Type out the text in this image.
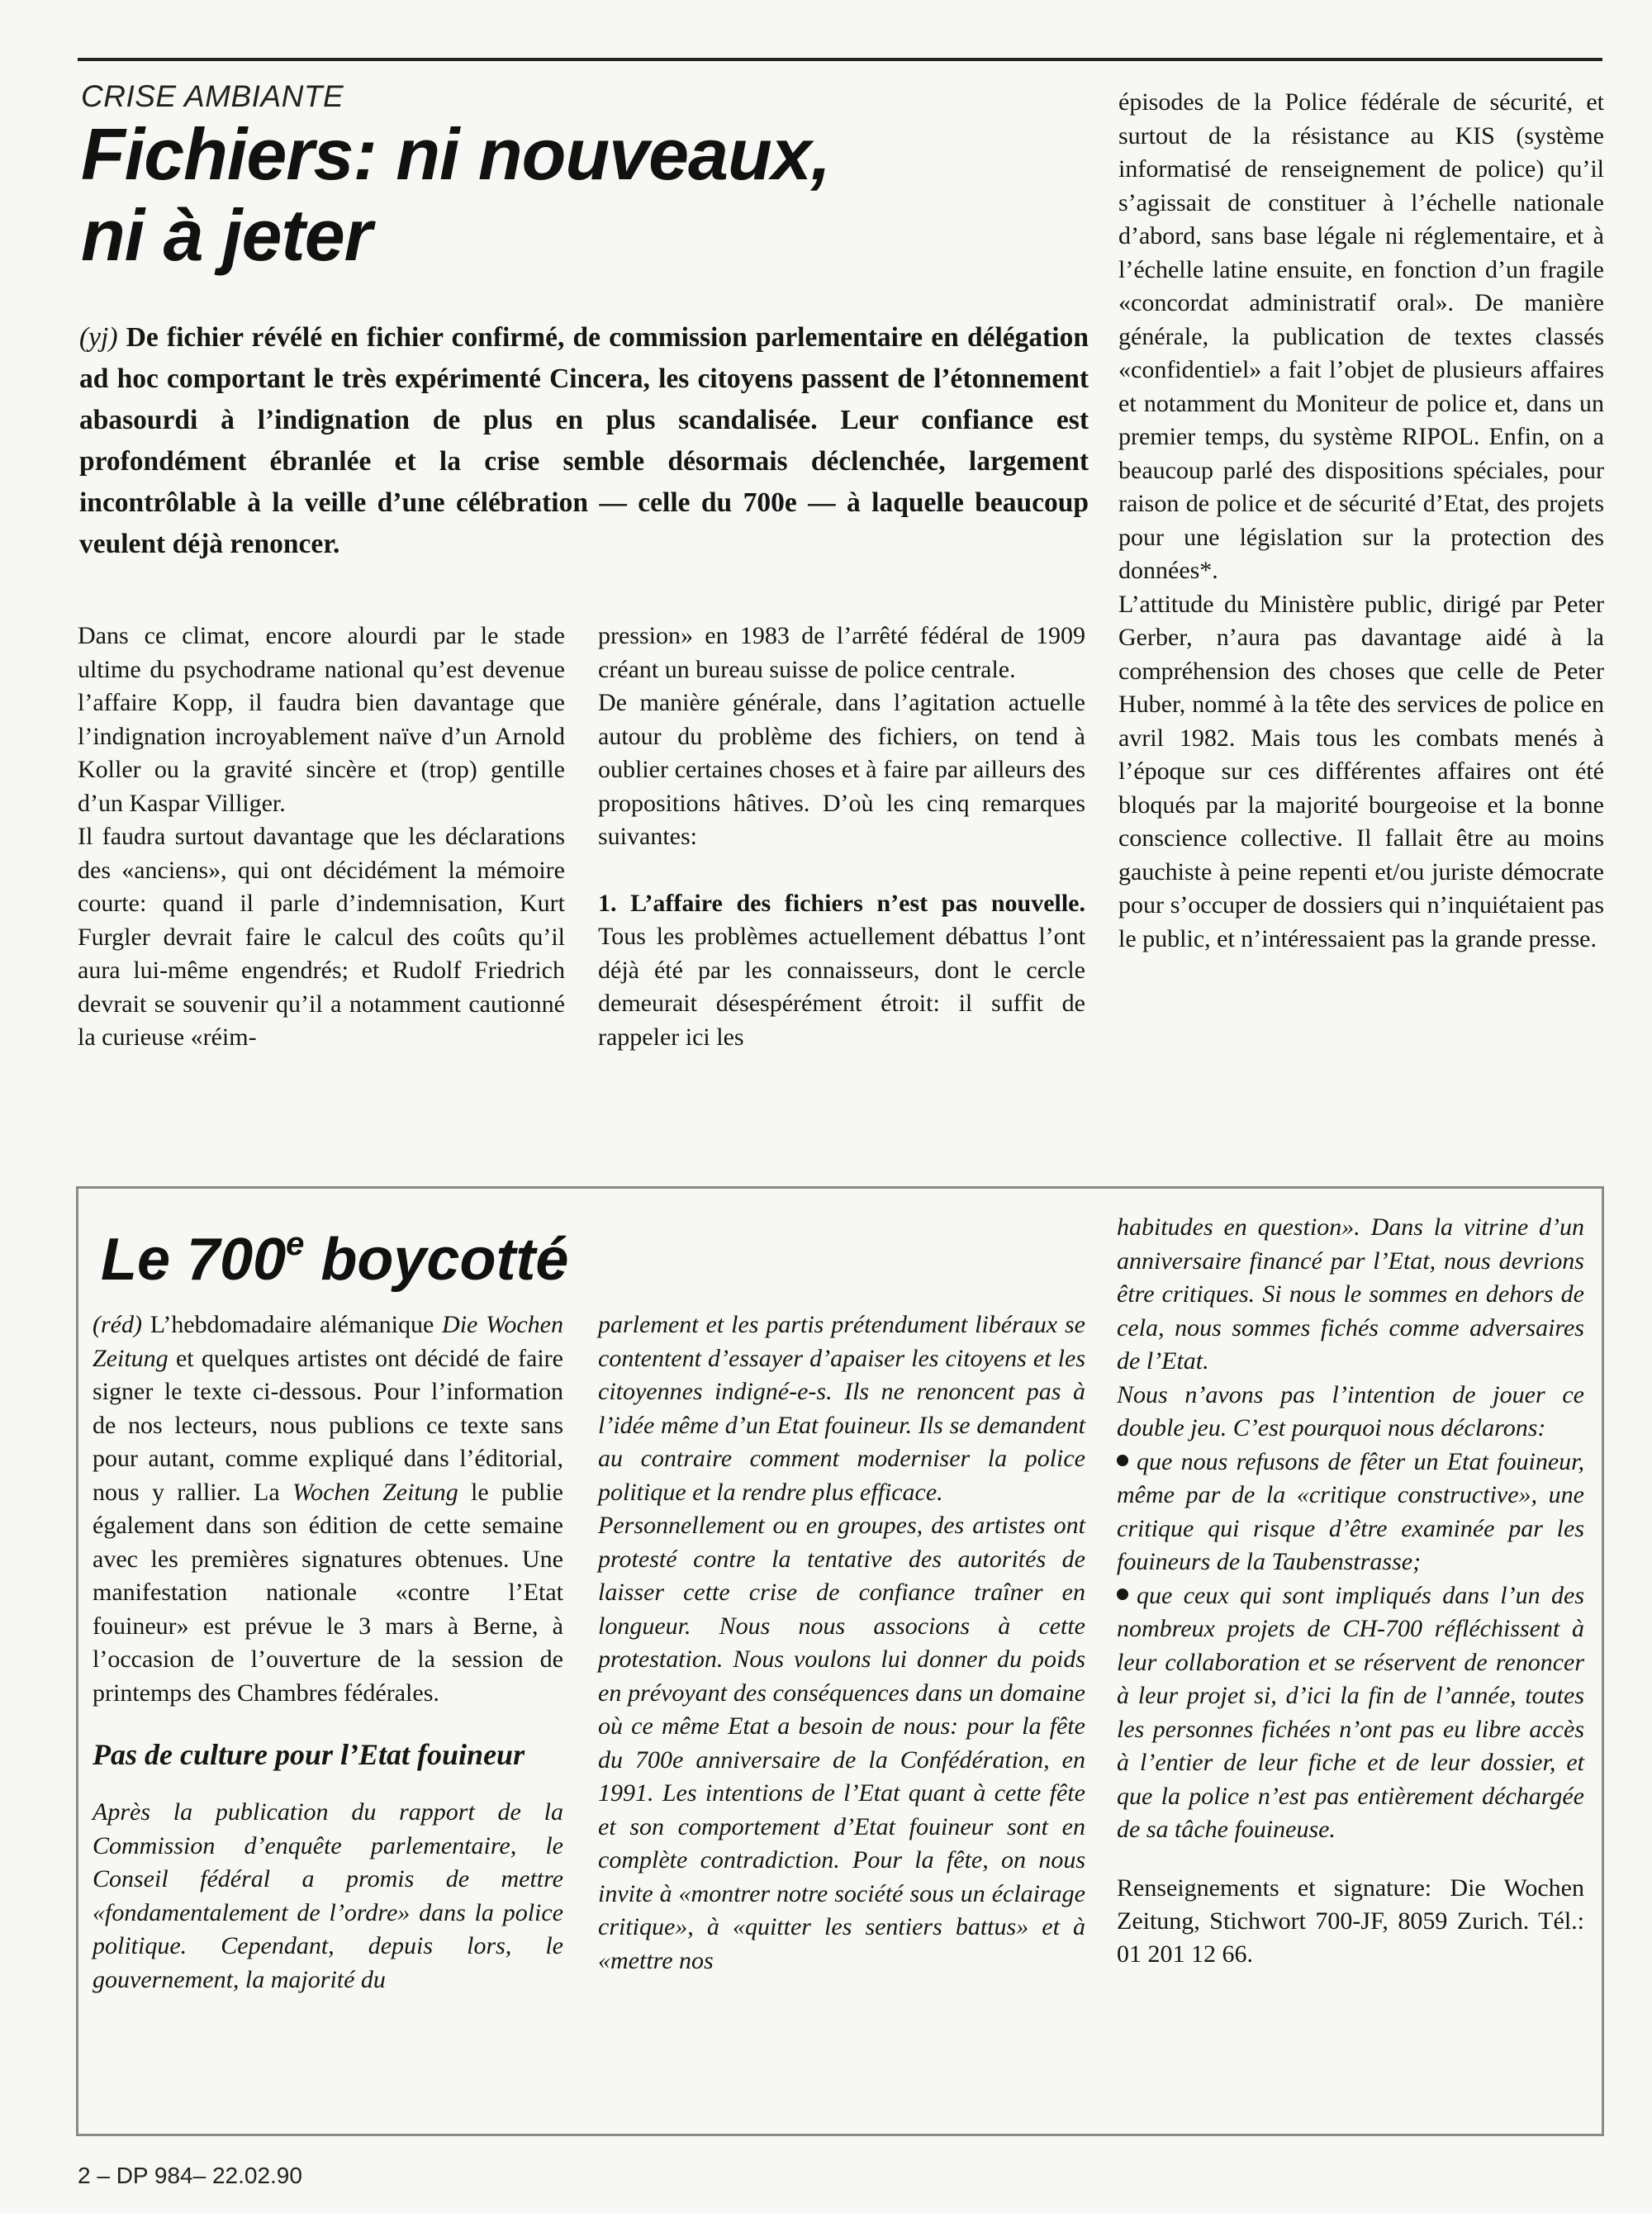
CRISE AMBIANTE
Fichiers: ni nouveaux,
ni à jeter
(yj) De fichier révélé en fichier confirmé, de commission parlementaire en délégation ad hoc comportant le très expérimenté Cincera, les citoyens passent de l’étonnement abasourdi à l’indignation de plus en plus scandalisée. Leur confiance est profondément ébranlée et la crise semble désormais déclenchée, largement incontrôlable à la veille d’une célébration — celle du 700e — à laquelle beaucoup veulent déjà renoncer.

Dans ce climat, encore alourdi par le stade ultime du psychodrame national qu’est devenue l’affaire Kopp, il faudra bien davantage que l’indignation incroyablement naïve d’un Arnold Koller ou la gravité sincère et (trop) gentille d’un Kaspar Villiger.

Il faudra surtout davantage que les déclarations des «anciens», qui ont décidément la mémoire courte: quand il parle d’indemnisation, Kurt Furgler devrait faire le calcul des coûts qu’il aura lui-même engendrés; et Rudolf Friedrich devrait se souvenir qu’il a notamment cautionné la curieuse «réim-

pression» en 1983 de l’arrêté fédéral de 1909 créant un bureau suisse de police centrale.

De manière générale, dans l’agitation actuelle autour du problème des fichiers, on tend à oublier certaines choses et à faire par ailleurs des propositions hâtives. D’où les cinq remarques suivantes:

1. L’affaire des fichiers n’est pas nouvelle. Tous les problèmes actuellement débattus l’ont déjà été par les connaisseurs, dont le cercle demeurait désespérément étroit: il suffit de rappeler ici les

épisodes de la Police fédérale de sécurité, et surtout de la résistance au KIS (système informatisé de renseignement de police) qu’il s’agissait de constituer à l’échelle nationale d’abord, sans base légale ni réglementaire, et à l’échelle latine ensuite, en fonction d’un fragile «concordat administratif oral». De manière générale, la publication de textes classés «confidentiel» a fait l’objet de plusieurs affaires et notamment du Moniteur de police et, dans un premier temps, du système RIPOL. Enfin, on a beaucoup parlé des dispositions spéciales, pour raison de police et de sécurité d’Etat, des projets pour une législation sur la protection des données*.

L’attitude du Ministère public, dirigé par Peter Gerber, n’aura pas davantage aidé à la compréhension des choses que celle de Peter Huber, nommé à la tête des services de police en avril 1982. Mais tous les combats menés à l’époque sur ces différentes affaires ont été bloqués par la majorité bourgeoise et la bonne conscience collective. Il fallait être au moins gauchiste à peine repenti et/ou juriste démocrate pour s’occuper de dossiers qui n’inquiétaient pas le public, et n’intéressaient pas la grande presse.

Le 700e boycotté

(réd) L’hebdomadaire alémanique Die Wochen Zeitung et quelques artistes ont décidé de faire signer le texte ci-dessous. Pour l’information de nos lecteurs, nous publions ce texte sans pour autant, comme expliqué dans l’éditorial, nous y rallier. La Wochen Zeitung le publie également dans son édition de cette semaine avec les premières signatures obtenues. Une manifestation nationale «contre l’Etat fouineur» est prévue le 3 mars à Berne, à l’occasion de l’ouverture de la session de printemps des Chambres fédérales.

Pas de culture pour l’Etat fouineur

Après la publication du rapport de la Commission d’enquête parlementaire, le Conseil fédéral a promis de mettre «fondamentalement de l’ordre» dans la police politique. Cependant, depuis lors, le gouvernement, la majorité du

parlement et les partis prétendument libéraux se contentent d’essayer d’apaiser les citoyens et les citoyennes indigné-e-s. Ils ne renoncent pas à l’idée même d’un Etat fouineur. Ils se demandent au contraire comment moderniser la police politique et la rendre plus efficace.

Personnellement ou en groupes, des artistes ont protesté contre la tentative des autorités de laisser cette crise de confiance traîner en longueur. Nous nous associons à cette protestation. Nous voulons lui donner du poids en prévoyant des conséquences dans un domaine où ce même Etat a besoin de nous: pour la fête du 700e anniversaire de la Confédération, en 1991. Les intentions de l’Etat quant à cette fête et son comportement d’Etat fouineur sont en complète contradiction. Pour la fête, on nous invite à «montrer notre société sous un éclairage critique», à «quitter les sentiers battus» et à «mettre nos

habitudes en question». Dans la vitrine d’un anniversaire financé par l’Etat, nous devrions être critiques. Si nous le sommes en dehors de cela, nous sommes fichés comme adversaires de l’Etat.

Nous n’avons pas l’intention de jouer ce double jeu. C’est pourquoi nous déclarons:

que nous refusons de fêter un Etat fouineur, même par de la «critique constructive», une critique qui risque d’être examinée par les fouineurs de la Taubenstrasse;

que ceux qui sont impliqués dans l’un des nombreux projets de CH-700 réfléchissent à leur collaboration et se réservent de renoncer à leur projet si, d’ici la fin de l’année, toutes les personnes fichées n’ont pas eu libre accès à l’entier de leur fiche et de leur dossier, et que la police n’est pas entièrement déchargée de sa tâche fouineuse.

Renseignements et signature: Die Wochen Zeitung, Stichwort 700-JF, 8059 Zurich. Tél.: 01 201 12 66.

2 – DP 984– 22.02.90
